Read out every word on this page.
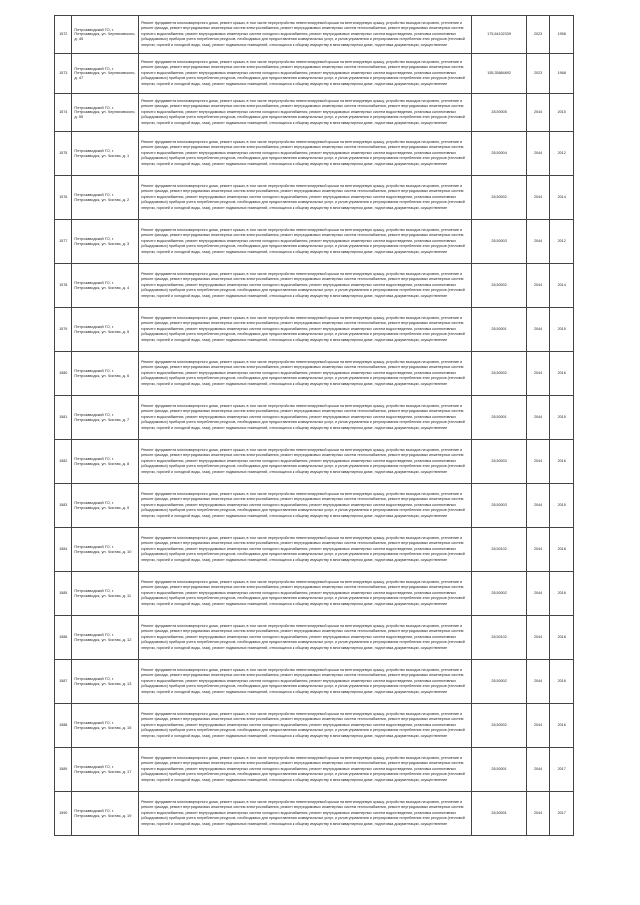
1572	Петрозаводский ГО, г. Петрозаводск, ул. Черняховского, д. 45	Ремонт фундамента многоквартирного дома, ремонт крыши, в том числе переустройство невентилируемой крыши на вентилируемую крышу, устройство выходов на кровлю, утепление и ремонт фасада, ремонт внутридомовых инженерных систем электроснабжения, ремонт внутридомовых инженерных систем теплоснабжения, ремонт внутридомовых инженерных систем горячего водоснабжения, ремонт внутридомовых инженерных систем холодного водоснабжения, ремонт внутридомовых инженерных систем водоотведения, установка коллективных (общедомовых) приборов учета потребления ресурсов, необходимых для предоставления коммунальных услуг, и узлов управления и регулирования потребления этих ресурсов (тепловой энергии, горячей и холодной воды, газа), ремонт подвальных помещений, относящихся к общему имуществу в многоквартирном доме, подготовка документации, осуществление	175,64102339	2023	1958
1573	Петрозаводский ГО, г. Петрозаводск, ул. Черняховского, д. 47	Ремонт фундамента многоквартирного дома, ремонт крыши, в том числе переустройство невентилируемой крыши на вентилируемую крышу, устройство выходов на кровлю, утепление и ремонт фасада, ремонт внутридомовых инженерных систем электроснабжения, ремонт внутридомовых инженерных систем теплоснабжения, ремонт внутридомовых инженерных систем горячего водоснабжения, ремонт внутридомовых инженерных систем холодного водоснабжения, ремонт внутридомовых инженерных систем водоотведения, установка коллективных (общедомовых) приборов учета потребления ресурсов, необходимых для предоставления коммунальных услуг, и узлов управления и регулирования потребления этих ресурсов (тепловой энергии, горячей и холодной воды, газа), ремонт подвальных помещений, относящихся к общему имуществу в многоквартирном доме, подготовка документации, осуществление	155,35884692	2023	1968
1574	Петрозаводский ГО, г. Петрозаводск, ул. Черняховского, д. 59	Ремонт фундамента многоквартирного дома, ремонт крыши, в том числе переустройство невентилируемой крыши на вентилируемую крышу, устройство выходов на кровлю, утепление и ремонт фасада, ремонт внутридомовых инженерных систем электроснабжения, ремонт внутридомовых инженерных систем теплоснабжения, ремонт внутридомовых инженерных систем горячего водоснабжения, ремонт внутридомовых инженерных систем холодного водоснабжения, ремонт внутридомовых инженерных систем водоотведения, установка коллективных (общедомовых) приборов учета потребления ресурсов, необходимых для предоставления коммунальных услуг, и узлов управления и регулирования потребления этих ресурсов (тепловой энергии, горячей и холодной воды, газа), ремонт подвальных помещений, относящихся к общему имуществу в многоквартирном доме, подготовка документации, осуществление	28,50005	2044	2015
1575	Петрозаводский ГО, г. Петрозаводск, ул. Чистая, д. 1	Ремонт фундамента многоквартирного дома, ремонт крыши, в том числе переустройство невентилируемой крыши на вентилируемую крышу, устройство выходов на кровлю, утепление и ремонт фасада, ремонт внутридомовых инженерных систем электроснабжения, ремонт внутридомовых инженерных систем теплоснабжения, ремонт внутридомовых инженерных систем горячего водоснабжения, ремонт внутридомовых инженерных систем холодного водоснабжения, ремонт внутридомовых инженерных систем водоотведения, установка коллективных (общедомовых) приборов учета потребления ресурсов, необходимых для предоставления коммунальных услуг, и узлов управления и регулирования потребления этих ресурсов (тепловой энергии, горячей и холодной воды, газа), ремонт подвальных помещений, относящихся к общему имуществу в многоквартирном доме, подготовка документации, осуществление	28,50004	2044	2012
1576	Петрозаводский ГО, г. Петрозаводск, ул. Чистая, д. 2	Ремонт фундамента многоквартирного дома, ремонт крыши, в том числе переустройство невентилируемой крыши на вентилируемую крышу, устройство выходов на кровлю, утепление и ремонт фасада, ремонт внутридомовых инженерных систем электроснабжения, ремонт внутридомовых инженерных систем теплоснабжения, ремонт внутридомовых инженерных систем горячего водоснабжения, ремонт внутридомовых инженерных систем холодного водоснабжения, ремонт внутридомовых инженерных систем водоотведения, установка коллективных (общедомовых) приборов учета потребления ресурсов, необходимых для предоставления коммунальных услуг, и узлов управления и регулирования потребления этих ресурсов (тепловой энергии, горячей и холодной воды, газа), ремонт подвальных помещений, относящихся к общему имуществу в многоквартирном доме, подготовка документации, осуществление	28,50002	2044	2014
1577	Петрозаводский ГО, г. Петрозаводск, ул. Чистая, д. 3	Ремонт фундамента многоквартирного дома, ремонт крыши, в том числе переустройство невентилируемой крыши на вентилируемую крышу, устройство выходов на кровлю, утепление и ремонт фасада, ремонт внутридомовых инженерных систем электроснабжения, ремонт внутридомовых инженерных систем теплоснабжения, ремонт внутридомовых инженерных систем горячего водоснабжения, ремонт внутридомовых инженерных систем холодного водоснабжения, ремонт внутридомовых инженерных систем водоотведения, установка коллективных (общедомовых) приборов учета потребления ресурсов, необходимых для предоставления коммунальных услуг, и узлов управления и регулирования потребления этих ресурсов (тепловой энергии, горячей и холодной воды, газа), ремонт подвальных помещений, относящихся к общему имуществу в многоквартирном доме, подготовка документации, осуществление	28,50003	2044	2012
1578	Петрозаводский ГО, г. Петрозаводск, ул. Чистая, д. 4	Ремонт фундамента многоквартирного дома, ремонт крыши, в том числе переустройство невентилируемой крыши на вентилируемую крышу, устройство выходов на кровлю, утепление и ремонт фасада, ремонт внутридомовых инженерных систем электроснабжения, ремонт внутридомовых инженерных систем теплоснабжения, ремонт внутридомовых инженерных систем горячего водоснабжения, ремонт внутридомовых инженерных систем холодного водоснабжения, ремонт внутридомовых инженерных систем водоотведения, установка коллективных (общедомовых) приборов учета потребления ресурсов, необходимых для предоставления коммунальных услуг, и узлов управления и регулирования потребления этих ресурсов (тепловой энергии, горячей и холодной воды, газа), ремонт подвальных помещений, относящихся к общему имуществу в многоквартирном доме, подготовка документации, осуществление	28,50002	2044	2014
1579	Петрозаводский ГО, г. Петрозаводск, ул. Чистая, д. 5	Ремонт фундамента многоквартирного дома, ремонт крыши, в том числе переустройство невентилируемой крыши на вентилируемую крышу, устройство выходов на кровлю, утепление и ремонт фасада, ремонт внутридомовых инженерных систем электроснабжения, ремонт внутридомовых инженерных систем теплоснабжения, ремонт внутридомовых инженерных систем горячего водоснабжения, ремонт внутридомовых инженерных систем холодного водоснабжения, ремонт внутридомовых инженерных систем водоотведения, установка коллективных (общедомовых) приборов учета потребления ресурсов, необходимых для предоставления коммунальных услуг, и узлов управления и регулирования потребления этих ресурсов (тепловой энергии, горячей и холодной воды, газа), ремонт подвальных помещений, относящихся к общему имуществу в многоквартирном доме, подготовка документации, осуществление	28,50001	2044	2015
1580	Петрозаводский ГО, г. Петрозаводск, ул. Чистая, д. 6	Ремонт фундамента многоквартирного дома, ремонт крыши, в том числе переустройство невентилируемой крыши на вентилируемую крышу, устройство выходов на кровлю, утепление и ремонт фасада, ремонт внутридомовых инженерных систем электроснабжения, ремонт внутридомовых инженерных систем теплоснабжения, ремонт внутридомовых инженерных систем горячего водоснабжения, ремонт внутридомовых инженерных систем холодного водоснабжения, ремонт внутридомовых инженерных систем водоотведения, установка коллективных (общедомовых) приборов учета потребления ресурсов, необходимых для предоставления коммунальных услуг, и узлов управления и регулирования потребления этих ресурсов (тепловой энергии, горячей и холодной воды, газа), ремонт подвальных помещений, относящихся к общему имуществу в многоквартирном доме, подготовка документации, осуществление	28,50002	2044	2016
1581	Петрозаводский ГО, г. Петрозаводск, ул. Чистая, д. 7	Ремонт фундамента многоквартирного дома, ремонт крыши, в том числе переустройство невентилируемой крыши на вентилируемую крышу, устройство выходов на кровлю, утепление и ремонт фасада, ремонт внутридомовых инженерных систем электроснабжения, ремонт внутридомовых инженерных систем теплоснабжения, ремонт внутридомовых инженерных систем горячего водоснабжения, ремонт внутридомовых инженерных систем холодного водоснабжения, ремонт внутридомовых инженерных систем водоотведения, установка коллективных (общедомовых) приборов учета потребления ресурсов, необходимых для предоставления коммунальных услуг, и узлов управления и регулирования потребления этих ресурсов (тепловой энергии, горячей и холодной воды, газа), ремонт подвальных помещений, относящихся к общему имуществу в многоквартирном доме, подготовка документации, осуществление	28,50001	2044	2015
1582	Петрозаводский ГО, г. Петрозаводск, ул. Чистая, д. 8	Ремонт фундамента многоквартирного дома, ремонт крыши, в том числе переустройство невентилируемой крыши на вентилируемую крышу, устройство выходов на кровлю, утепление и ремонт фасада, ремонт внутридомовых инженерных систем электроснабжения, ремонт внутридомовых инженерных систем теплоснабжения, ремонт внутридомовых инженерных систем горячего водоснабжения, ремонт внутридомовых инженерных систем холодного водоснабжения, ремонт внутридомовых инженерных систем водоотведения, установка коллективных (общедомовых) приборов учета потребления ресурсов, необходимых для предоставления коммунальных услуг, и узлов управления и регулирования потребления этих ресурсов (тепловой энергии, горячей и холодной воды, газа), ремонт подвальных помещений, относящихся к общему имуществу в многоквартирном доме, подготовка документации, осуществление	28,50003	2044	2016
1583	Петрозаводский ГО, г. Петрозаводск, ул. Чистая, д. 9	Ремонт фундамента многоквартирного дома, ремонт крыши, в том числе переустройство невентилируемой крыши на вентилируемую крышу, устройство выходов на кровлю, утепление и ремонт фасада, ремонт внутридомовых инженерных систем электроснабжения, ремонт внутридомовых инженерных систем теплоснабжения, ремонт внутридомовых инженерных систем горячего водоснабжения, ремонт внутридомовых инженерных систем холодного водоснабжения, ремонт внутридомовых инженерных систем водоотведения, установка коллективных (общедомовых) приборов учета потребления ресурсов, необходимых для предоставления коммунальных услуг, и узлов управления и регулирования потребления этих ресурсов (тепловой энергии, горячей и холодной воды, газа), ремонт подвальных помещений, относящихся к общему имуществу в многоквартирном доме, подготовка документации, осуществление	28,50003	2044	2015
1584	Петрозаводский ГО, г. Петрозаводск, ул. Чистая, д. 10	Ремонт фундамента многоквартирного дома, ремонт крыши, в том числе переустройство невентилируемой крыши на вентилируемую крышу, устройство выходов на кровлю, утепление и ремонт фасада, ремонт внутридомовых инженерных систем электроснабжения, ремонт внутридомовых инженерных систем теплоснабжения, ремонт внутридомовых инженерных систем горячего водоснабжения, ремонт внутридомовых инженерных систем холодного водоснабжения, ремонт внутридомовых инженерных систем водоотведения, установка коллективных (общедомовых) приборов учета потребления ресурсов, необходимых для предоставления коммунальных услуг, и узлов управления и регулирования потребления этих ресурсов (тепловой энергии, горячей и холодной воды, газа), ремонт подвальных помещений, относящихся к общему имуществу в многоквартирном доме, подготовка документации, осуществление	28,50102	2044	2018
1585	Петрозаводский ГО, г. Петрозаводск, ул. Чистая, д. 11	Ремонт фундамента многоквартирного дома, ремонт крыши, в том числе переустройство невентилируемой крыши на вентилируемую крышу, устройство выходов на кровлю, утепление и ремонт фасада, ремонт внутридомовых инженерных систем электроснабжения, ремонт внутридомовых инженерных систем теплоснабжения, ремонт внутридомовых инженерных систем горячего водоснабжения, ремонт внутридомовых инженерных систем холодного водоснабжения, ремонт внутридомовых инженерных систем водоотведения, установка коллективных (общедомовых) приборов учета потребления ресурсов, необходимых для предоставления коммунальных услуг, и узлов управления и регулирования потребления этих ресурсов (тепловой энергии, горячей и холодной воды, газа), ремонт подвальных помещений, относящихся к общему имуществу в многоквартирном доме, подготовка документации, осуществление	28,50002	2044	2016
1586	Петрозаводский ГО, г. Петрозаводск, ул. Чистая, д. 12	Ремонт фундамента многоквартирного дома, ремонт крыши, в том числе переустройство невентилируемой крыши на вентилируемую крышу, устройство выходов на кровлю, утепление и ремонт фасада, ремонт внутридомовых инженерных систем электроснабжения, ремонт внутридомовых инженерных систем теплоснабжения, ремонт внутридомовых инженерных систем горячего водоснабжения, ремонт внутридомовых инженерных систем холодного водоснабжения, ремонт внутридомовых инженерных систем водоотведения, установка коллективных (общедомовых) приборов учета потребления ресурсов, необходимых для предоставления коммунальных услуг, и узлов управления и регулирования потребления этих ресурсов (тепловой энергии, горячей и холодной воды, газа), ремонт подвальных помещений, относящихся к общему имуществу в многоквартирном доме, подготовка документации, осуществление	28,50102	2044	2018
1587	Петрозаводский ГО, г. Петрозаводск, ул. Чистая, д. 13	Ремонт фундамента многоквартирного дома, ремонт крыши, в том числе переустройство невентилируемой крыши на вентилируемую крышу, устройство выходов на кровлю, утепление и ремонт фасада, ремонт внутридомовых инженерных систем электроснабжения, ремонт внутридомовых инженерных систем теплоснабжения, ремонт внутридомовых инженерных систем горячего водоснабжения, ремонт внутридомовых инженерных систем холодного водоснабжения, ремонт внутридомовых инженерных систем водоотведения, установка коллективных (общедомовых) приборов учета потребления ресурсов, необходимых для предоставления коммунальных услуг, и узлов управления и регулирования потребления этих ресурсов (тепловой энергии, горячей и холодной воды, газа), ремонт подвальных помещений, относящихся к общему имуществу в многоквартирном доме, подготовка документации, осуществление	28,50002	2044	2016
1588	Петрозаводский ГО, г. Петрозаводск, ул. Чистая, д. 15	Ремонт фундамента многоквартирного дома, ремонт крыши, в том числе переустройство невентилируемой крыши на вентилируемую крышу, устройство выходов на кровлю, утепление и ремонт фасада, ремонт внутридомовых инженерных систем электроснабжения, ремонт внутридомовых инженерных систем теплоснабжения, ремонт внутридомовых инженерных систем горячего водоснабжения, ремонт внутридомовых инженерных систем холодного водоснабжения, ремонт внутридомовых инженерных систем водоотведения, установка коллективных (общедомовых) приборов учета потребления ресурсов, необходимых для предоставления коммунальных услуг, и узлов управления и регулирования потребления этих ресурсов (тепловой энергии, горячей и холодной воды, газа), ремонт подвальных помещений, относящихся к общему имуществу в многоквартирном доме, подготовка документации, осуществление	28,50002	2044	2016
1589	Петрозаводский ГО, г. Петрозаводск, ул. Чистая, д. 17	Ремонт фундамента многоквартирного дома, ремонт крыши, в том числе переустройство невентилируемой крыши на вентилируемую крышу, устройство выходов на кровлю, утепление и ремонт фасада, ремонт внутридомовых инженерных систем электроснабжения, ремонт внутридомовых инженерных систем теплоснабжения, ремонт внутридомовых инженерных систем горячего водоснабжения, ремонт внутридомовых инженерных систем холодного водоснабжения, ремонт внутридомовых инженерных систем водоотведения, установка коллективных (общедомовых) приборов учета потребления ресурсов, необходимых для предоставления коммунальных услуг, и узлов управления и регулирования потребления этих ресурсов (тепловой энергии, горячей и холодной воды, газа), ремонт подвальных помещений, относящихся к общему имуществу в многоквартирном доме, подготовка документации, осуществление	28,50001	2044	2017
1590	Петрозаводский ГО, г. Петрозаводск, ул. Чистая, д. 19	Ремонт фундамента многоквартирного дома, ремонт крыши, в том числе переустройство невентилируемой крыши на вентилируемую крышу, устройство выходов на кровлю, утепление и ремонт фасада, ремонт внутридомовых инженерных систем электроснабжения, ремонт внутридомовых инженерных систем теплоснабжения, ремонт внутридомовых инженерных систем горячего водоснабжения, ремонт внутридомовых инженерных систем холодного водоснабжения, ремонт внутридомовых инженерных систем водоотведения, установка коллективных (общедомовых) приборов учета потребления ресурсов, необходимых для предоставления коммунальных услуг, и узлов управления и регулирования потребления этих ресурсов (тепловой энергии, горячей и холодной воды, газа), ремонт подвальных помещений, относящихся к общему имуществу в многоквартирном доме, подготовка документации, осуществление	28,50001	2044	2017
